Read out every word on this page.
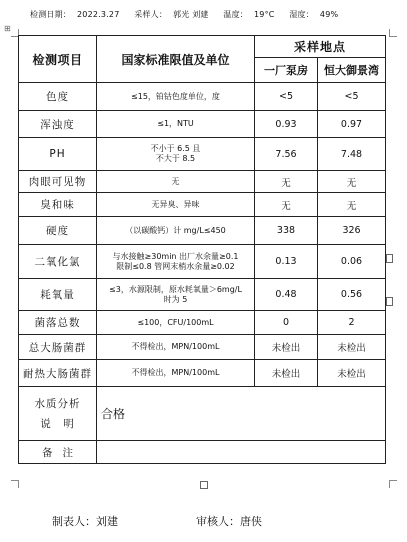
检测日期： 2022.3.27 采样人： 郭光 刘建 温度： 19°C 湿度： 49%
⊞
检测项目	国家标准限值及单位	采样地点	
		一厂泵房	恒大御景湾
色度	≤15，铂钴色度单位，度	<5	<5
浑浊度	≤1，NTU	0.93	0.97
PH	不小于 6.5 且
不大于 8.5	7.56	7.48
肉眼可见物	无	无	无
臭和味	无异臭、异味	无	无
硬度	（以碳酸钙）计 mg/L≤450	338	326
二氧化氯	与水接触≥30min 出厂水余量≥0.1
限制≤0.8 管网末梢水余量≥0.02	0.13	0.06
耗氧量	≤3，水源限制，原水耗氧量＞6mg/L
时为 5	0.48	0.56
菌落总数	≤100，CFU/100mL	0	2
总大肠菌群	不得检出，MPN/100mL	未检出	未检出
耐热大肠菌群	不得检出，MPN/100mL	未检出	未检出

水质分析
说　明	合格		
备注			
制表人：刘建	审核人：唐侠
